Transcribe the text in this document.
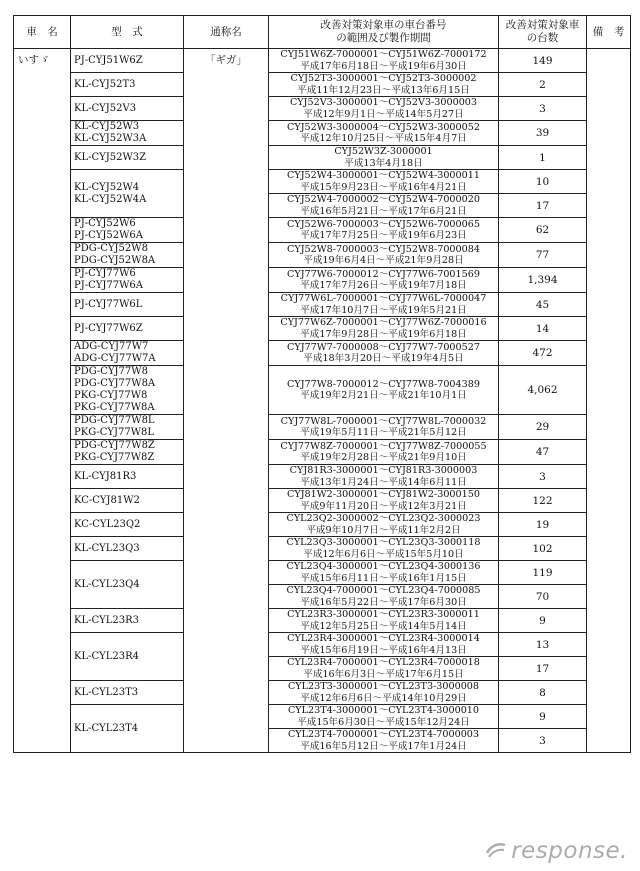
車　名	型　式	通称名	改善対策対象車の車台番号
の範囲及び製作期間	改善対策対象車
の台数	備　考
いすゞ	PJ-CYJ51W6Z	「ギガ」	CYJ51W6Z-7000001～CYJ51W6Z-7000172
平成17年6月18日～平成19年6月30日	149	

	KL-CYJ52T3		CYJ52T3-3000001～CYJ52T3-3000002
平成11年12月23日～平成13年6月15日	2	

	KL-CYJ52V3		CYJ52V3-3000001～CYJ52V3-3000003
平成12年9月1日～平成14年5月27日	3	

	KL-CYJ52W3
KL-CYJ52W3A		CYJ52W3-3000004～CYJ52W3-3000052
平成12年10月25日～平成15年4月7日	39	

	KL-CYJ52W3Z		CYJ52W3Z-3000001
平成13年4月18日	1	

	KL-CYJ52W4
KL-CYJ52W4A		CYJ52W4-3000001～CYJ52W4-3000011
平成15年9月23日～平成16年4月21日	10	

			CYJ52W4-7000002～CYJ52W4-7000020
平成16年5月21日～平成17年6月21日	17	

	PJ-CYJ52W6
PJ-CYJ52W6A		CYJ52W6-7000003～CYJ52W6-7000065
平成17年7月25日～平成19年6月23日	62	

	PDG-CYJ52W8
PDG-CYJ52W8A		CYJ52W8-7000003～CYJ52W8-7000084
平成19年6月4日～平成21年9月28日	77	

	PJ-CYJ77W6
PJ-CYJ77W6A		CYJ77W6-7000012～CYJ77W6-7001569
平成17年7月26日～平成19年7月18日	1,394	

	PJ-CYJ77W6L		CYJ77W6L-7000001～CYJ77W6L-7000047
平成17年10月7日～平成19年5月21日	45	

	PJ-CYJ77W6Z		CYJ77W6Z-7000001～CYJ77W6Z-7000016
平成17年9月28日～平成19年6月18日	14	

	ADG-CYJ77W7
ADG-CYJ77W7A		CYJ77W7-7000008～CYJ77W7-7000527
平成18年3月20日～平成19年4月5日	472	

	PDG-CYJ77W8
PDG-CYJ77W8A
PKG-CYJ77W8
PKG-CYJ77W8A		CYJ77W8-7000012～CYJ77W8-7004389
平成19年2月21日～平成21年10月1日	4,062	

	PDG-CYJ77W8L
PKG-CYJ77W8L		CYJ77W8L-7000001～CYJ77W8L-7000032
平成19年5月11日～平成21年5月12日	29	

	PDG-CYJ77W8Z
PKG-CYJ77W8Z		CYJ77W8Z-7000001～CYJ77W8Z-7000055
平成19年2月28日～平成21年9月10日	47	

	KL-CYJ81R3		CYJ81R3-3000001～CYJ81R3-3000003
平成13年1月24日～平成14年6月11日	3	

	KC-CYJ81W2		CYJ81W2-3000001～CYJ81W2-3000150
平成9年11月20日～平成12年3月21日	122	

	KC-CYL23Q2		CYL23Q2-3000002～CYL23Q2-3000023
平成9年10月7日～平成11年2月2日	19	

	KL-CYL23Q3		CYL23Q3-3000001～CYL23Q3-3000118
平成12年6月6日～平成15年5月10日	102	

	KL-CYL23Q4		CYL23Q4-3000001～CYL23Q4-3000136
平成15年6月11日～平成16年1月15日	119	

			CYL23Q4-7000001～CYL23Q4-7000085
平成16年5月22日～平成17年6月30日	70	

	KL-CYL23R3		CYL23R3-3000001～CYL23R3-3000011
平成12年5月25日～平成14年5月14日	9	

	KL-CYL23R4		CYL23R4-3000001～CYL23R4-3000014
平成15年6月19日～平成16年4月13日	13	

			CYL23R4-7000001～CYL23R4-7000018
平成16年6月3日～平成17年6月15日	17	

	KL-CYL23T3		CYL23T3-3000001～CYL23T3-3000008
平成12年6月6日～平成14年10月29日	8	

	KL-CYL23T4		CYL23T4-3000001～CYL23T4-3000010
平成15年6月30日～平成15年12月24日	9	

			CYL23T4-7000001～CYL23T4-7000003
平成16年5月12日～平成17年1月24日	3	
response.
